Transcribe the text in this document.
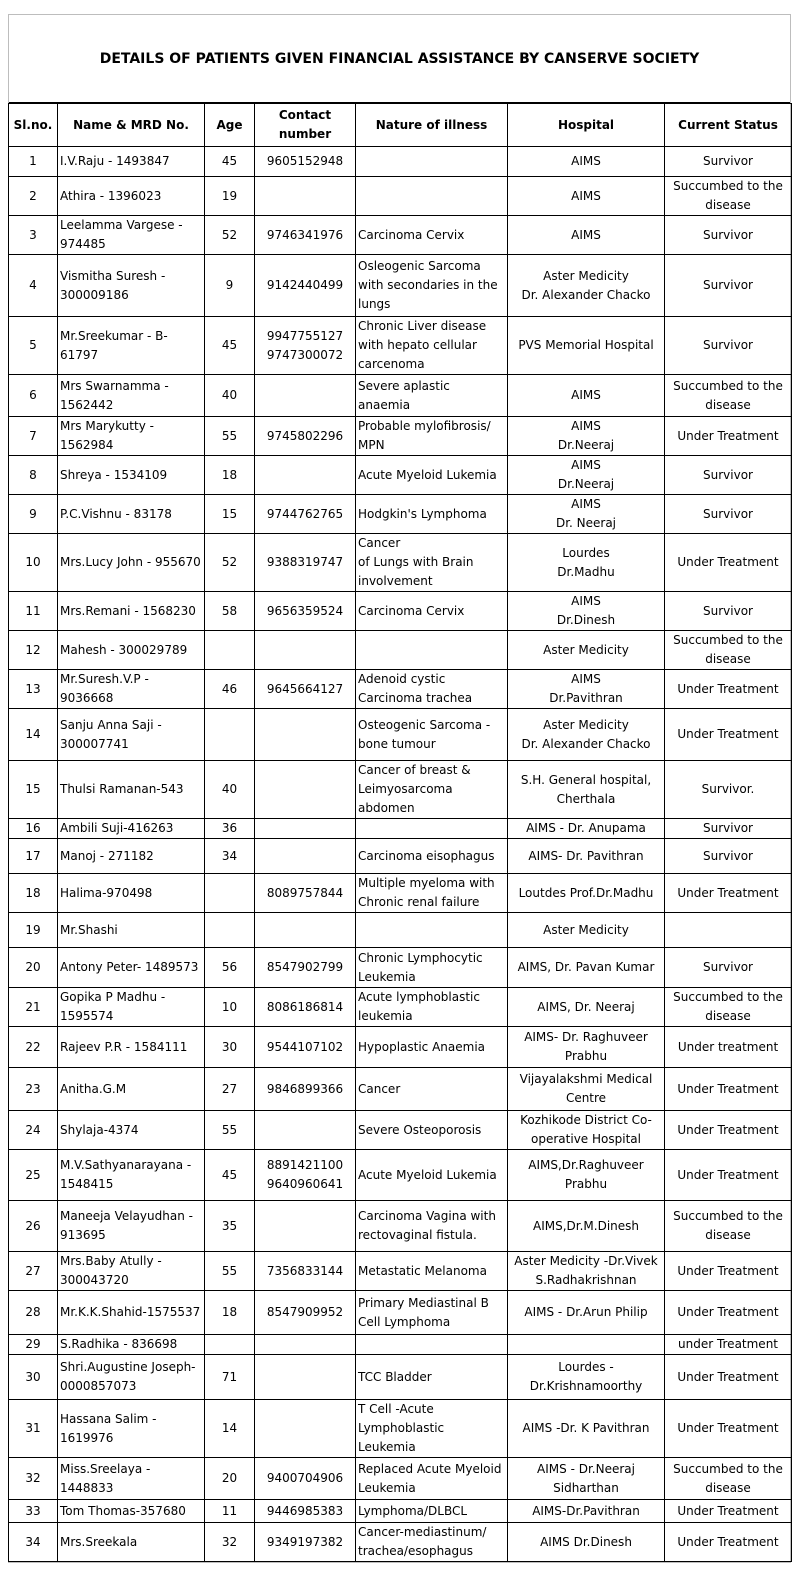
DETAILS OF PATIENTS GIVEN FINANCIAL ASSISTANCE BY CANSERVE SOCIETY
Sl.no.	Name & MRD No.	Age	Contact number	Nature of illness	Hospital	Current Status
1	I.V.Raju - 1493847	45	9605152948		AIMS	Survivor
2	Athira - 1396023	19			AIMS	Succumbed to the
disease
3	Leelamma Vargese -
974485	52	9746341976	Carcinoma Cervix	AIMS	Survivor
4	Vismitha Suresh -
300009186	9	9142440499	Osleogenic Sarcoma
with secondaries in the
lungs	Aster Medicity
Dr. Alexander Chacko	Survivor
5	Mr.Sreekumar - B-61797	45	9947755127
9747300072	Chronic Liver disease
with hepato cellular
carcenoma	PVS Memorial Hospital	Survivor
6	Mrs Swarnamma -
1562442	40		Severe aplastic anaemia	AIMS	Succumbed to the
disease
7	Mrs Marykutty - 1562984	55	9745802296	Probable mylofibrosis/
MPN	AIMS
Dr.Neeraj	Under Treatment
8	Shreya - 1534109	18		Acute Myeloid Lukemia	AIMS
Dr.Neeraj	Survivor
9	P.C.Vishnu - 83178	15	9744762765	Hodgkin's Lymphoma	AIMS
Dr. Neeraj	Survivor
10	Mrs.Lucy John - 955670	52	9388319747	Cancer
of Lungs with Brain
involvement	Lourdes
Dr.Madhu	Under Treatment
11	Mrs.Remani - 1568230	58	9656359524	Carcinoma Cervix	AIMS
Dr.Dinesh	Survivor
12	Mahesh - 300029789				Aster Medicity	Succumbed to the
disease
13	Mr.Suresh.V.P -
9036668	46	9645664127	Adenoid cystic
Carcinoma trachea	AIMS
Dr.Pavithran	Under Treatment
14	Sanju Anna Saji -
300007741			Osteogenic Sarcoma -
bone tumour	Aster Medicity
Dr. Alexander Chacko	Under Treatment
15	Thulsi Ramanan-543	40		Cancer of breast &
Leimyosarcoma
abdomen	S.H. General hospital,
Cherthala	Survivor.
16	Ambili Suji-416263	36			AIMS - Dr. Anupama	Survivor
17	Manoj - 271182	34		Carcinoma eisophagus	AIMS- Dr. Pavithran	Survivor
18	Halima-970498		8089757844	Multiple myeloma with
Chronic renal failure	Loutdes Prof.Dr.Madhu	Under Treatment
19	Mr.Shashi				Aster Medicity	
20	Antony Peter- 1489573	56	8547902799	Chronic Lymphocytic
Leukemia	AIMS, Dr. Pavan Kumar	Survivor
21	Gopika P Madhu -
1595574	10	8086186814	Acute lymphoblastic
leukemia	AIMS, Dr. Neeraj	Succumbed to the
disease
22	Rajeev P.R - 1584111	30	9544107102	Hypoplastic Anaemia	AIMS- Dr. Raghuveer
Prabhu	Under treatment
23	Anitha.G.M	27	9846899366	Cancer	Vijayalakshmi Medical
Centre	Under Treatment
24	Shylaja-4374	55		Severe Osteoporosis	Kozhikode District Co-
operative Hospital	Under Treatment
25	M.V.Sathyanarayana -
1548415	45	8891421100
9640960641	Acute Myeloid Lukemia	AIMS,Dr.Raghuveer
Prabhu	Under Treatment
26	Maneeja Velayudhan -
913695	35		Carcinoma Vagina with
rectovaginal fistula.	AIMS,Dr.M.Dinesh	Succumbed to the
disease
27	Mrs.Baby Atully -
300043720	55	7356833144	Metastatic Melanoma	Aster Medicity -Dr.Vivek
S.Radhakrishnan	Under Treatment
28	Mr.K.K.Shahid-1575537	18	8547909952	Primary Mediastinal B
Cell Lymphoma	AIMS - Dr.Arun Philip	Under Treatment
29	S.Radhika - 836698					under Treatment
30	Shri.Augustine Joseph-
0000857073	71		TCC Bladder	Lourdes -
Dr.Krishnamoorthy	Under Treatment
31	Hassana Salim -
1619976	14		T Cell -Acute
Lymphoblastic Leukemia	AIMS -Dr. K Pavithran	Under Treatment
32	Miss.Sreelaya - 1448833	20	9400704906	Replaced Acute Myeloid
Leukemia	AIMS - Dr.Neeraj
Sidharthan	Succumbed to the
disease
33	Tom Thomas-357680	11	9446985383	Lymphoma/DLBCL	AIMS-Dr.Pavithran	Under Treatment
34	Mrs.Sreekala	32	9349197382	Cancer-mediastinum/
trachea/esophagus	AIMS Dr.Dinesh	Under Treatment
